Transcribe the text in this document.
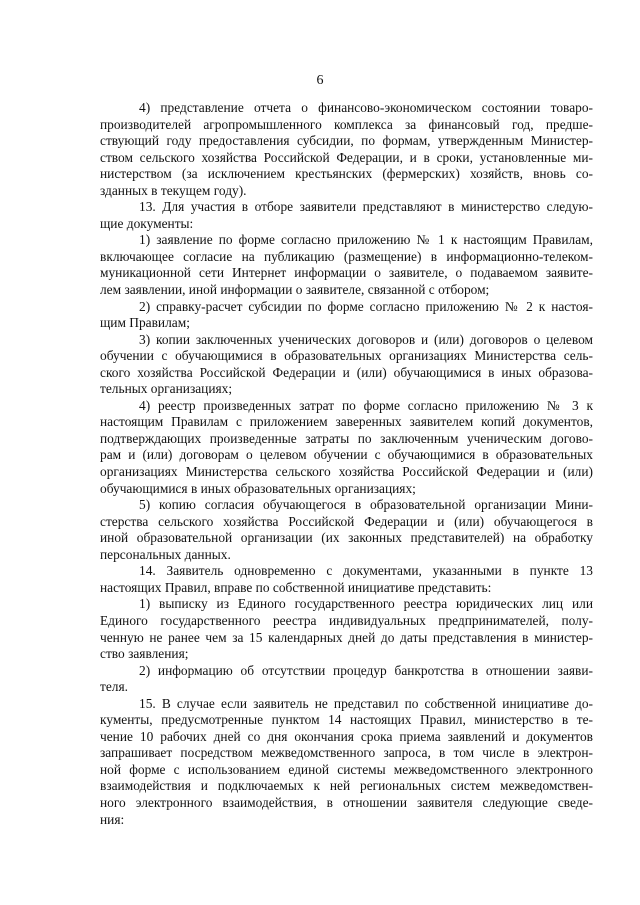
6
4) представление отчета о финансово-экономическом состоянии товаро-
производителей агропромышленного комплекса за финансовый год, предше-
ствующий году предоставления субсидии, по формам, утвержденным Министер-
ством сельского хозяйства Российской Федерации, и в сроки, установленные ми-
нистерством (за исключением крестьянских (фермерских) хозяйств, вновь со-
зданных в текущем году).
13. Для участия в отборе заявители представляют в министерство следую-
щие документы:
1) заявление по форме согласно приложению № 1 к настоящим Правилам,
включающее согласие на публикацию (размещение) в информационно-телеком-
муникационной сети Интернет информации о заявителе, о подаваемом заявите-
лем заявлении, иной информации о заявителе, связанной с отбором;
2) справку-расчет субсидии по форме согласно приложению № 2 к настоя-
щим Правилам;
3) копии заключенных ученических договоров и (или) договоров о целевом
обучении с обучающимися в образовательных организациях Министерства сель-
ского хозяйства Российской Федерации и (или) обучающимися в иных образова-
тельных организациях;
4) реестр произведенных затрат по форме согласно приложению № 3 к
настоящим Правилам с приложением заверенных заявителем копий документов,
подтверждающих произведенные затраты по заключенным ученическим догово-
рам и (или) договорам о целевом обучении с обучающимися в образовательных
организациях Министерства сельского хозяйства Российской Федерации и (или)
обучающимися в иных образовательных организациях;
5) копию согласия обучающегося в образовательной организации Мини-
стерства сельского хозяйства Российской Федерации и (или) обучающегося в
иной образовательной организации (их законных представителей) на обработку
персональных данных.
14. Заявитель одновременно с документами, указанными в пункте 13
настоящих Правил, вправе по собственной инициативе представить:
1) выписку из Единого государственного реестра юридических лиц или
Единого государственного реестра индивидуальных предпринимателей, полу-
ченную не ранее чем за 15 календарных дней до даты представления в министер-
ство заявления;
2) информацию об отсутствии процедур банкротства в отношении заяви-
теля.
15. В случае если заявитель не представил по собственной инициативе до-
кументы, предусмотренные пунктом 14 настоящих Правил, министерство в те-
чение 10 рабочих дней со дня окончания срока приема заявлений и документов
запрашивает посредством межведомственного запроса, в том числе в электрон-
ной форме с использованием единой системы межведомственного электронного
взаимодействия и подключаемых к ней региональных систем межведомствен-
ного электронного взаимодействия, в отношении заявителя следующие сведе-
ния:
